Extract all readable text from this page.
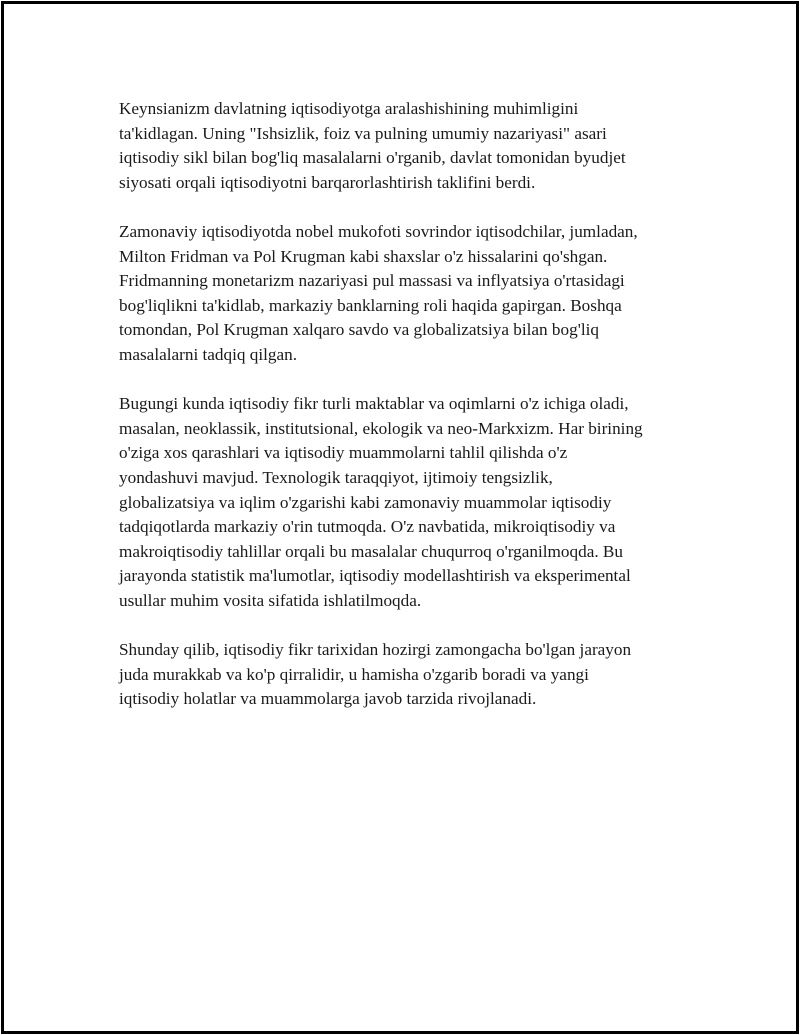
Keynsianizm davlatning iqtisodiyotga aralashishining muhimligini
ta'kidlagan. Uning "Ishsizlik, foiz va pulning umumiy nazariyasi" asari
iqtisodiy sikl bilan bog'liq masalalarni o'rganib, davlat tomonidan byudjet
siyosati orqali iqtisodiyotni barqarorlashtirish taklifini berdi.

Zamonaviy iqtisodiyotda nobel mukofoti sovrindor iqtisodchilar, jumladan,
Milton Fridman va Pol Krugman kabi shaxslar o'z hissalarini qo'shgan.
Fridmanning monetarizm nazariyasi pul massasi va inflyatsiya o'rtasidagi
bog'liqlikni ta'kidlab, markaziy banklarning roli haqida gapirgan. Boshqa
tomondan, Pol Krugman xalqaro savdo va globalizatsiya bilan bog'liq
masalalarni tadqiq qilgan.

Bugungi kunda iqtisodiy fikr turli maktablar va oqimlarni o'z ichiga oladi,
masalan, neoklassik, institutsional, ekologik va neo-Markxizm. Har birining
o'ziga xos qarashlari va iqtisodiy muammolarni tahlil qilishda o'z
yondashuvi mavjud. Texnologik taraqqiyot, ijtimoiy tengsizlik,
globalizatsiya va iqlim o'zgarishi kabi zamonaviy muammolar iqtisodiy
tadqiqotlarda markaziy o'rin tutmoqda. O'z navbatida, mikroiqtisodiy va
makroiqtisodiy tahlillar orqali bu masalalar chuqurroq o'rganilmoqda. Bu
jarayonda statistik ma'lumotlar, iqtisodiy modellashtirish va eksperimental
usullar muhim vosita sifatida ishlatilmoqda.

Shunday qilib, iqtisodiy fikr tarixidan hozirgi zamongacha bo'lgan jarayon
juda murakkab va ko'p qirralidir, u hamisha o'zgarib boradi va yangi
iqtisodiy holatlar va muammolarga javob tarzida rivojlanadi.
